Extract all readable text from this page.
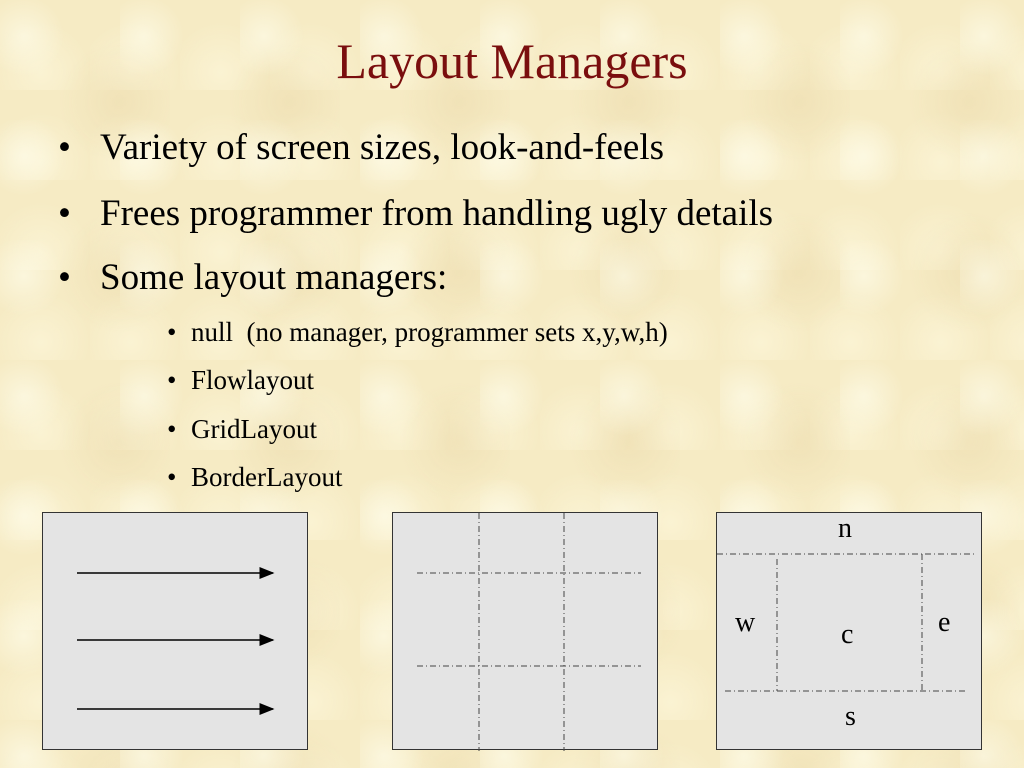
Layout Managers
• Variety of screen sizes, look-and-feels
• Frees programmer from handling ugly details
• Some layout managers:
• null  (no manager, programmer sets x,y,w,h)
• Flowlayout
• GridLayout
• BorderLayout
n
w	c	e
s
